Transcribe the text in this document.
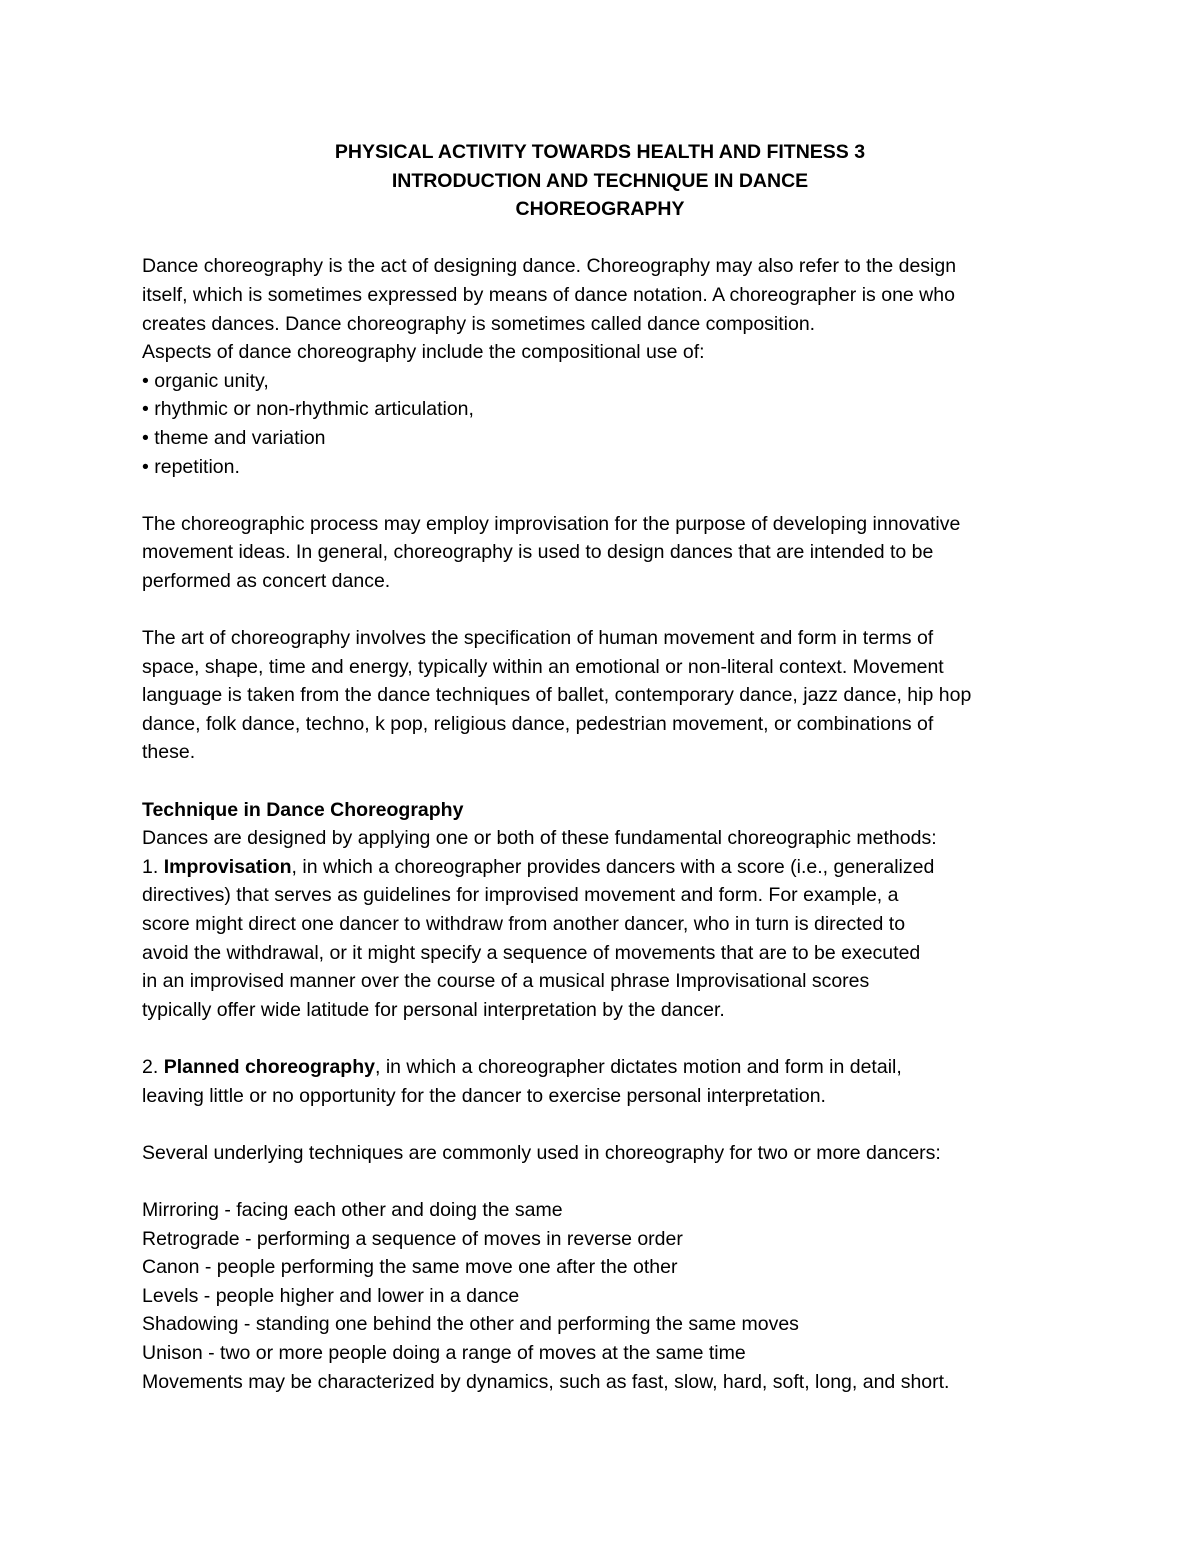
PHYSICAL ACTIVITY TOWARDS HEALTH AND FITNESS 3
INTRODUCTION AND TECHNIQUE IN DANCE
CHOREOGRAPHY
Dance choreography is the act of designing dance. Choreography may also refer to the design
itself, which is sometimes expressed by means of dance notation. A choreographer is one who
creates dances. Dance choreography is sometimes called dance composition.
Aspects of dance choreography include the compositional use of:
• organic unity,
• rhythmic or non-rhythmic articulation,
• theme and variation
• repetition.
The choreographic process may employ improvisation for the purpose of developing innovative
movement ideas. In general, choreography is used to design dances that are intended to be
performed as concert dance.
The art of choreography involves the specification of human movement and form in terms of
space, shape, time and energy, typically within an emotional or non-literal context. Movement
language is taken from the dance techniques of ballet, contemporary dance, jazz dance, hip hop
dance, folk dance, techno, k pop, religious dance, pedestrian movement, or combinations of
these.
Technique in Dance Choreography
Dances are designed by applying one or both of these fundamental choreographic methods:
1. Improvisation, in which a choreographer provides dancers with a score (i.e., generalized
directives) that serves as guidelines for improvised movement and form. For example, a
score might direct one dancer to withdraw from another dancer, who in turn is directed to
avoid the withdrawal, or it might specify a sequence of movements that are to be executed
in an improvised manner over the course of a musical phrase Improvisational scores
typically offer wide latitude for personal interpretation by the dancer.
2. Planned choreography, in which a choreographer dictates motion and form in detail,
leaving little or no opportunity for the dancer to exercise personal interpretation.
Several underlying techniques are commonly used in choreography for two or more dancers:
Mirroring - facing each other and doing the same
Retrograde - performing a sequence of moves in reverse order
Canon - people performing the same move one after the other
Levels - people higher and lower in a dance
Shadowing - standing one behind the other and performing the same moves
Unison - two or more people doing a range of moves at the same time
Movements may be characterized by dynamics, such as fast, slow, hard, soft, long, and short.
